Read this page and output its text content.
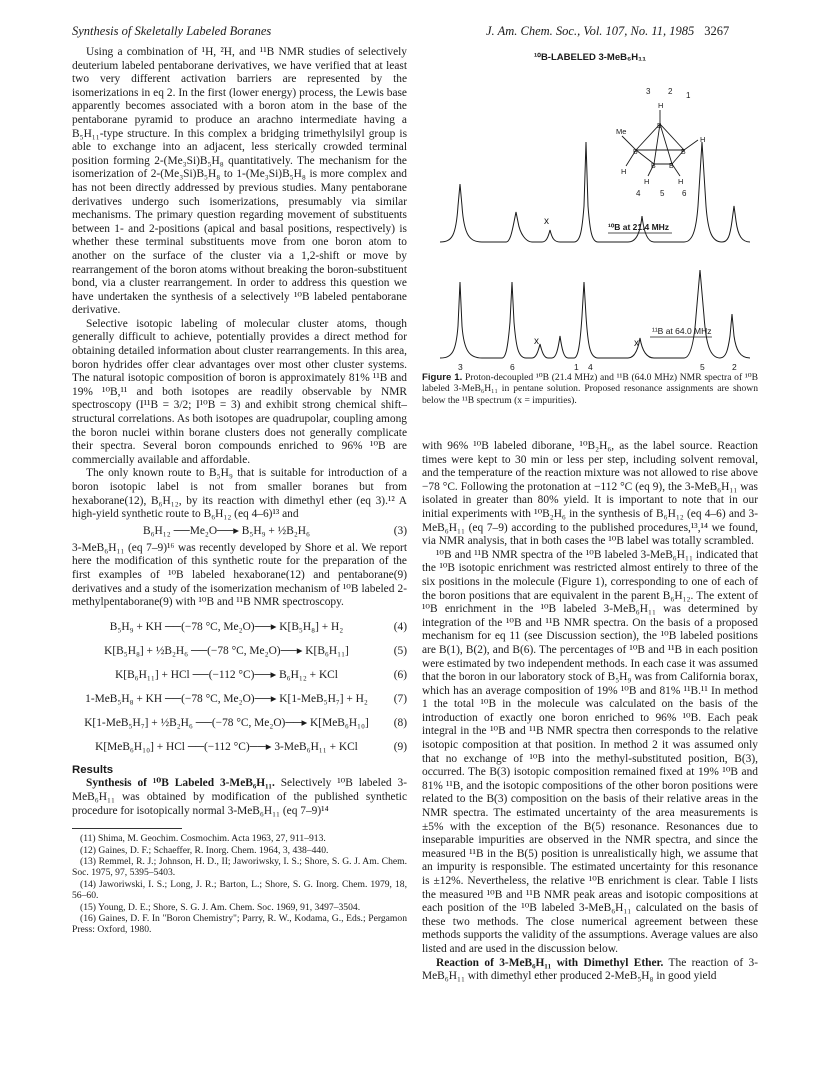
Synthesis of Skeletally Labeled Boranes	J. Am. Chem. Soc., Vol. 107, No. 11, 1985 3267

Using a combination of ¹H, ²H, and ¹¹B NMR studies of selectively deuterium labeled pentaborane derivatives, we have verified that at least two very different activation barriers are represented by the isomerizations in eq 2. In the first (lower energy) process, the Lewis base apparently becomes associated with a boron atom in the base of the pentaborane pyramid to produce an arachno intermediate having a B₅H₁₁-type structure. In this complex a bridging trimethylsilyl group is able to exchange into an adjacent, less sterically crowded terminal position forming 2-(Me₃Si)B₅H₈ quantitatively. The mechanism for the isomerization of 2-(Me₃Si)B₅H₈ to 1-(Me₃Si)B₅H₈ is more complex and has not been directly addressed by previous studies. Many pentaborane derivatives undergo such isomerizations, presumably via similar mechanisms. The primary question regarding movement of substituents between 1- and 2-positions (apical and basal positions, respectively) is whether these terminal substituents move from one boron atom to another on the surface of the cluster via a 1,2-shift or move by rearrangement of the boron atoms without breaking the boron-substituent bond, via a cluster rearrangement. In order to address this question we have undertaken the synthesis of a selectively ¹⁰B labeled pentaborane derivative.

Selective isotopic labeling of molecular cluster atoms, though generally difficult to achieve, potentially provides a direct method for obtaining detailed information about cluster rearrangements. In this area, boron hydrides offer clear advantages over most other cluster systems. The natural isotopic composition of boron is approximately 81% ¹¹B and 19% ¹⁰B,¹¹ and both isotopes are readily observable by NMR spectroscopy (I¹¹B = 3/2; I¹⁰B = 3) and exhibit strong chemical shift–structural correlations. As both isotopes are quadrupolar, coupling among the boron nuclei within borane clusters does not generally complicate their spectra. Several boron compounds enriched to 96% ¹⁰B are commercially available and affordable.

The only known route to B₅H₉ that is suitable for introduction of a boron isotopic label is not from smaller boranes but from hexaborane(12), B₆H₁₂, by its reaction with dimethyl ether (eq 3).¹² A high-yield synthetic route to B₆H₁₂ (eq 4–6)¹³ and

B₆H₁₂ ──Me₂O──▸ B₅H₉ + ½B₂H₆	(3)

3-MeB₆H₁₁ (eq 7–9)¹⁶ was recently developed by Shore et al. We report here the modification of this synthetic route for the preparation of the first examples of ¹⁰B labeled hexaborane(12) and pentaborane(9) derivatives and a study of the isomerization mechanism of ¹⁰B labeled 2-methylpentaborane(9) with ¹⁰B and ¹¹B NMR spectroscopy.

B₅H₉ + KH ──(−78 °C, Me₂O)──▸ K[B₅H₈] + H₂	(4)
K[B₅H₈] + ½B₂H₆ ──(−78 °C, Me₂O)──▸ K[B₆H₁₁]	(5)
K[B₆H₁₁] + HCl ──(−112 °C)──▸ B₆H₁₂ + KCl	(6)
1-MeB₅H₈ + KH ──(−78 °C, Me₂O)──▸ K[1-MeB₅H₇] + H₂	(7)
K[1-MeB₅H₇] + ½B₂H₆ ──(−78 °C, Me₂O)──▸ K[MeB₆H₁₀]	(8)
K[MeB₆H₁₀] + HCl ──(−112 °C)──▸ 3-MeB₆H₁₁ + KCl	(9)
Results

Synthesis of ¹⁰B Labeled 3-MeB₆H₁₁. Selectively ¹⁰B labeled 3-MeB₆H₁₁ was obtained by modification of the published synthetic procedure for isotopically normal 3-MeB₆H₁₁ (eq 7–9)¹⁴

(11) Shima, M. Geochim. Cosmochim. Acta 1963, 27, 911–913.
(12) Gaines, D. F.; Schaeffer, R. Inorg. Chem. 1964, 3, 438–440.
(13) Remmel, R. J.; Johnson, H. D., II; Jaworiwsky, I. S.; Shore, S. G. J. Am. Chem. Soc. 1975, 97, 5395–5403.
(14) Jaworiwski, I. S.; Long, J. R.; Barton, L.; Shore, S. G. Inorg. Chem. 1979, 18, 56–60.
(15) Young, D. E.; Shore, S. G. J. Am. Chem. Soc. 1969, 91, 3497–3504.
(16) Gaines, D. F. In "Boron Chemistry"; Parry, R. W., Kodama, G., Eds.; Pergamon Press: Oxford, 1980.
¹⁰B-LABELED 3-MeB₆H₁₁
Me
H
H
H
H	H
B
B	B
B B
3 2 1
4 5 6
x	¹⁰B at 21.4 MHz
x	x
¹¹B at 64.0 MHz
3	6	1 4	5	2
Figure 1. Proton-decoupled ¹⁰B (21.4 MHz) and ¹¹B (64.0 MHz) NMR spectra of ¹⁰B labeled 3-MeB₆H₁₁ in pentane solution. Proposed resonance assignments are shown below the ¹¹B spectrum (x = impurities).

with 96% ¹⁰B labeled diborane, ¹⁰B₂H₆, as the label source. Reaction times were kept to 30 min or less per step, including solvent removal, and the temperature of the reaction mixture was not allowed to rise above −78 °C. Following the protonation at −112 °C (eq 9), the 3-MeB₆H₁₁ was isolated in greater than 80% yield. It is important to note that in our initial experiments with ¹⁰B₂H₆ in the synthesis of B₆H₁₂ (eq 4–6) and 3-MeB₆H₁₁ (eq 7–9) according to the published procedures,¹³,¹⁴ we found, via NMR analysis, that in both cases the ¹⁰B label was totally scrambled.

¹⁰B and ¹¹B NMR spectra of the ¹⁰B labeled 3-MeB₆H₁₁ indicated that the ¹⁰B isotopic enrichment was restricted almost entirely to three of the six positions in the molecule (Figure 1), corresponding to one of each of the boron positions that are equivalent in the parent B₆H₁₂. The extent of ¹⁰B enrichment in the ¹⁰B labeled 3-MeB₆H₁₁ was determined by integration of the ¹⁰B and ¹¹B NMR spectra. On the basis of a proposed mechanism for eq 11 (see Discussion section), the ¹⁰B labeled positions are B(1), B(2), and B(6). The percentages of ¹⁰B and ¹¹B in each position were estimated by two independent methods. In each case it was assumed that the boron in our laboratory stock of B₅H₉ was from California borax, which has an average composition of 19% ¹⁰B and 81% ¹¹B.¹¹ In method 1 the total ¹⁰B in the molecule was calculated on the basis of the introduction of exactly one boron enriched to 96% ¹⁰B. Each peak integral in the ¹⁰B and ¹¹B NMR spectra then corresponds to the relative isotopic composition at that position. In method 2 it was assumed only that no exchange of ¹⁰B into the methyl-substituted position, B(3), occurred. The B(3) isotopic composition remained fixed at 19% ¹⁰B and 81% ¹¹B, and the isotopic compositions of the other boron positions were related to the B(3) composition on the basis of their relative areas in the NMR spectra. The estimated uncertainty of the area measurements is ±5% with the exception of the B(5) resonance. Resonances due to inseparable impurities are observed in the NMR spectra, and since the measured ¹¹B in the B(5) position is unrealistically high, we assume that an impurity is responsible. The estimated uncertainty for this resonance is ±12%. Nevertheless, the relative ¹⁰B enrichment is clear. Table I lists the measured ¹⁰B and ¹¹B NMR peak areas and isotopic compositions at each position of the ¹⁰B labeled 3-MeB₆H₁₁ calculated on the basis of these two methods. The close numerical agreement between these methods supports the validity of the assumptions. Average values are also listed and are used in the discussion below.

Reaction of 3-MeB₆H₁₁ with Dimethyl Ether. The reaction of 3-MeB₆H₁₁ with dimethyl ether produced 2-MeB₅H₈ in good yield
